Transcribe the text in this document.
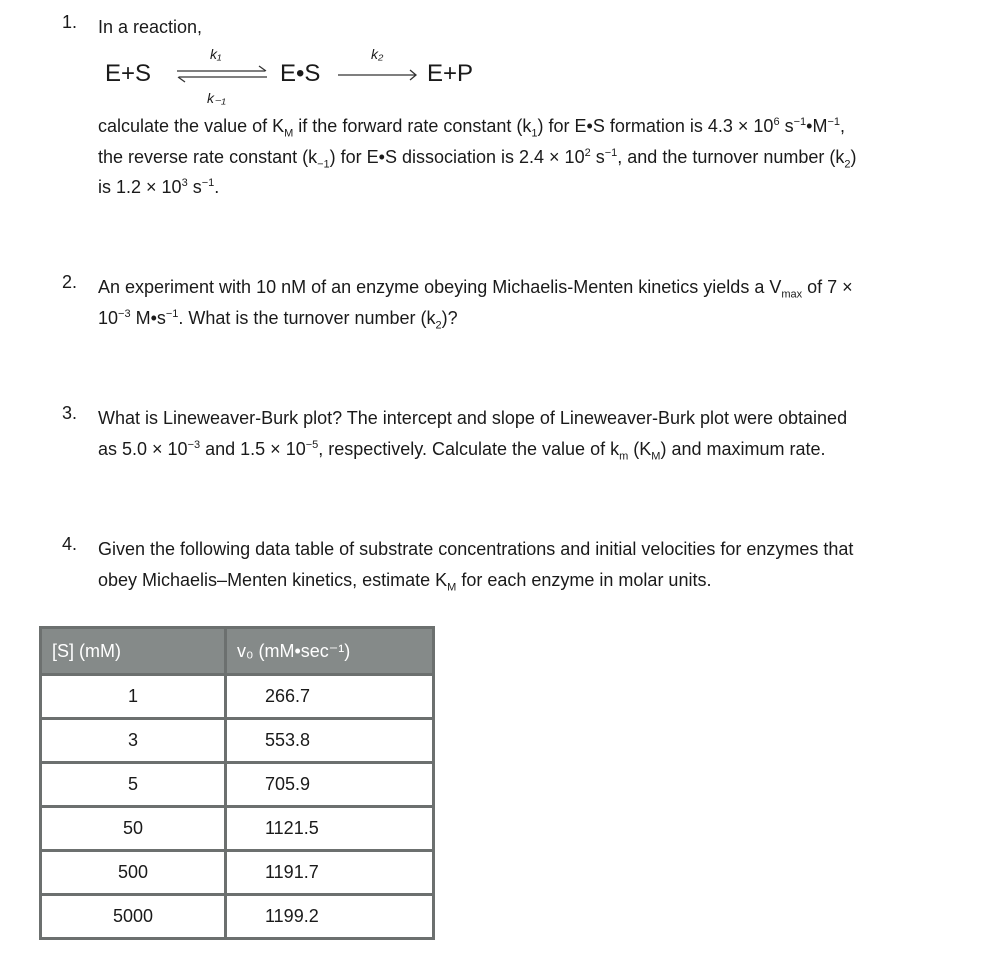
1. In a reaction,
E+S
k₁
k₋₁
⇌ E•S
k₂
E+P
calculate the value of $K_M$ if the forward rate constant $(k_1)$ for E•S formation is $4.3 \times 10^6$ $s^{-1}•M^{-1}$,
the reverse rate constant $(k_{-1})$ for E•S dissociation is $2.4 \times 10^2$ $s^{-1}$, and the turnover number $(k_2)$
is $1.2 \times 10^3$ $s^{-1}$.
2. An experiment with 10 nM of an enzyme obeying Michaelis-Menten kinetics yields a $V_{max}$ of 7 ×
$10^{-3}$ $M•s^{-1}$. What is the turnover number $(k_2)$?
3. What is Lineweaver-Burk plot? The intercept and slope of Lineweaver-Burk plot were obtained
as $5.0 \times 10^{-3}$ and $1.5 \times 10^{-5}$, respectively. Calculate the value of $k_m$ $(K_M)$ and maximum rate.
4. Given the following data table of substrate concentrations and initial velocities for enzymes that
obey Michaelis–Menten kinetics, estimate $K_M$ for each enzyme in molar units.
[S] (mM)	v₀ (mM•sec⁻¹)
1	266.7
3	553.8
5	705.9
50	1121.5
500	1191.7
5000	1199.2
